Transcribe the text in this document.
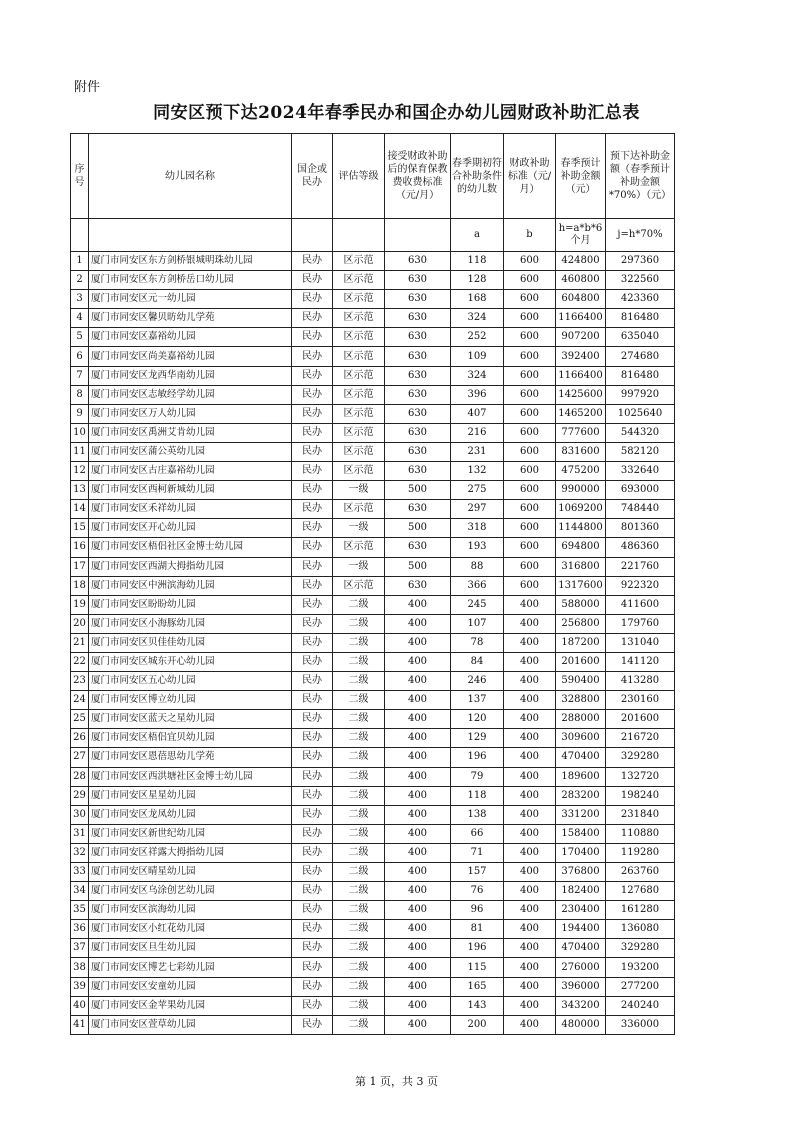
附件
同安区预下达2024年春季民办和国企办幼儿园财政补助汇总表
序号	幼儿园名称	国企或民办	评估等级	接受财政补助后的保育保教费收费标准（元/月）	春季期初符合补助条件的幼儿数	财政补助标准（元/月）	春季预计补助金额（元）	预下达补助金额（春季预计补助金额*70%）（元）
					a	b	h=a*b*6个月	j=h*70%
1	厦门市同安区东方剑桥银城明珠幼儿园	民办	区示范	630	118	600	424800	297360
2	厦门市同安区东方剑桥岳口幼儿园	民办	区示范	630	128	600	460800	322560
3	厦门市同安区元一幼儿园	民办	区示范	630	168	600	604800	423360
4	厦门市同安区馨贝昉幼儿学苑	民办	区示范	630	324	600	1166400	816480
5	厦门市同安区嘉裕幼儿园	民办	区示范	630	252	600	907200	635040
6	厦门市同安区尚美嘉裕幼儿园	民办	区示范	630	109	600	392400	274680
7	厦门市同安区龙西华南幼儿园	民办	区示范	630	324	600	1166400	816480
8	厦门市同安区志敏经学幼儿园	民办	区示范	630	396	600	1425600	997920
9	厦门市同安区万人幼儿园	民办	区示范	630	407	600	1465200	1025640
10	厦门市同安区禹洲艾肯幼儿园	民办	区示范	630	216	600	777600	544320
11	厦门市同安区蒲公英幼儿园	民办	区示范	630	231	600	831600	582120
12	厦门市同安区古庄嘉裕幼儿园	民办	区示范	630	132	600	475200	332640
13	厦门市同安区西柯新城幼儿园	民办	一级	500	275	600	990000	693000
14	厦门市同安区禾祥幼儿园	民办	区示范	630	297	600	1069200	748440
15	厦门市同安区开心幼儿园	民办	一级	500	318	600	1144800	801360
16	厦门市同安区梧侣社区金博士幼儿园	民办	区示范	630	193	600	694800	486360
17	厦门市同安区西湖大拇指幼儿园	民办	一级	500	88	600	316800	221760
18	厦门市同安区中洲滨海幼儿园	民办	区示范	630	366	600	1317600	922320
19	厦门市同安区盼盼幼儿园	民办	二级	400	245	400	588000	411600
20	厦门市同安区小海豚幼儿园	民办	二级	400	107	400	256800	179760
21	厦门市同安区贝佳佳幼儿园	民办	二级	400	78	400	187200	131040
22	厦门市同安区城东开心幼儿园	民办	二级	400	84	400	201600	141120
23	厦门市同安区五心幼儿园	民办	二级	400	246	400	590400	413280
24	厦门市同安区博立幼儿园	民办	二级	400	137	400	328800	230160
25	厦门市同安区蓝天之星幼儿园	民办	二级	400	120	400	288000	201600
26	厦门市同安区梧侣宜贝幼儿园	民办	二级	400	129	400	309600	216720
27	厦门市同安区恩蓓思幼儿学苑	民办	二级	400	196	400	470400	329280
28	厦门市同安区西洪塘社区金博士幼儿园	民办	二级	400	79	400	189600	132720
29	厦门市同安区星星幼儿园	民办	二级	400	118	400	283200	198240
30	厦门市同安区龙凤幼儿园	民办	二级	400	138	400	331200	231840
31	厦门市同安区新世纪幼儿园	民办	二级	400	66	400	158400	110880
32	厦门市同安区祥露大拇指幼儿园	民办	二级	400	71	400	170400	119280
33	厦门市同安区晴星幼儿园	民办	二级	400	157	400	376800	263760
34	厦门市同安区乌涂创艺幼儿园	民办	二级	400	76	400	182400	127680
35	厦门市同安区滨海幼儿园	民办	二级	400	96	400	230400	161280
36	厦门市同安区小红花幼儿园	民办	二级	400	81	400	194400	136080
37	厦门市同安区旦生幼儿园	民办	二级	400	196	400	470400	329280
38	厦门市同安区博艺七彩幼儿园	民办	二级	400	115	400	276000	193200
39	厦门市同安区安童幼儿园	民办	二级	400	165	400	396000	277200
40	厦门市同安区金苹果幼儿园	民办	二级	400	143	400	343200	240240
41	厦门市同安区萱草幼儿园	民办	二级	400	200	400	480000	336000
第 1 页，共 3 页
